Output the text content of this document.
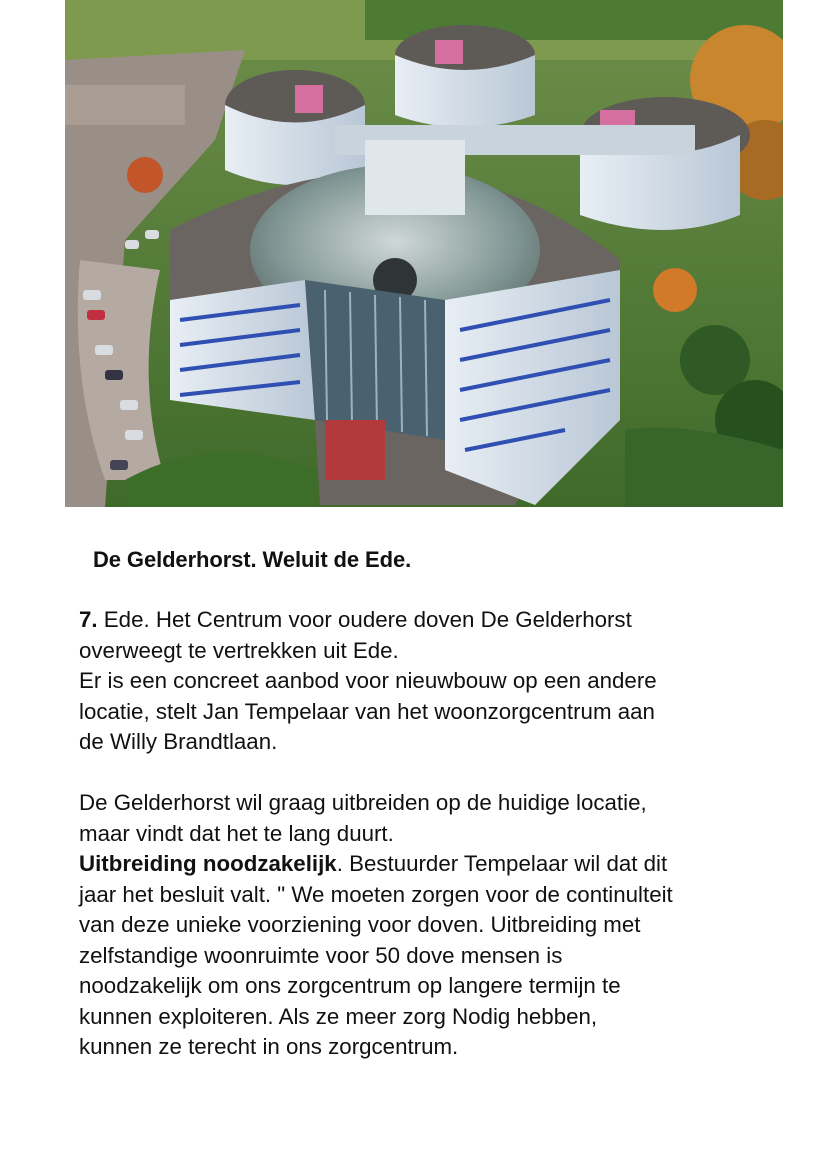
De Gelderhorst. Weluit de Ede.

7. Ede. Het Centrum voor oudere doven De Gelderhorst
overweegt te vertrekken uit Ede.

Er is een concreet aanbod voor nieuwbouw op een andere
locatie, stelt Jan Tempelaar van het woonzorgcentrum aan
de Willy Brandtlaan.

De Gelderhorst wil graag uitbreiden op de huidige locatie,
maar vindt dat het te lang duurt.

Uitbreiding noodzakelijk. Bestuurder Tempelaar wil dat dit
jaar het besluit valt. " We moeten zorgen voor de continulteit
van deze unieke voorziening voor doven. Uitbreiding met
zelfstandige woonruimte voor 50 dove mensen is
noodzakelijk om ons zorgcentrum op langere termijn te
kunnen exploiteren. Als ze meer zorg Nodig hebben,
kunnen ze terecht in ons zorgcentrum.
